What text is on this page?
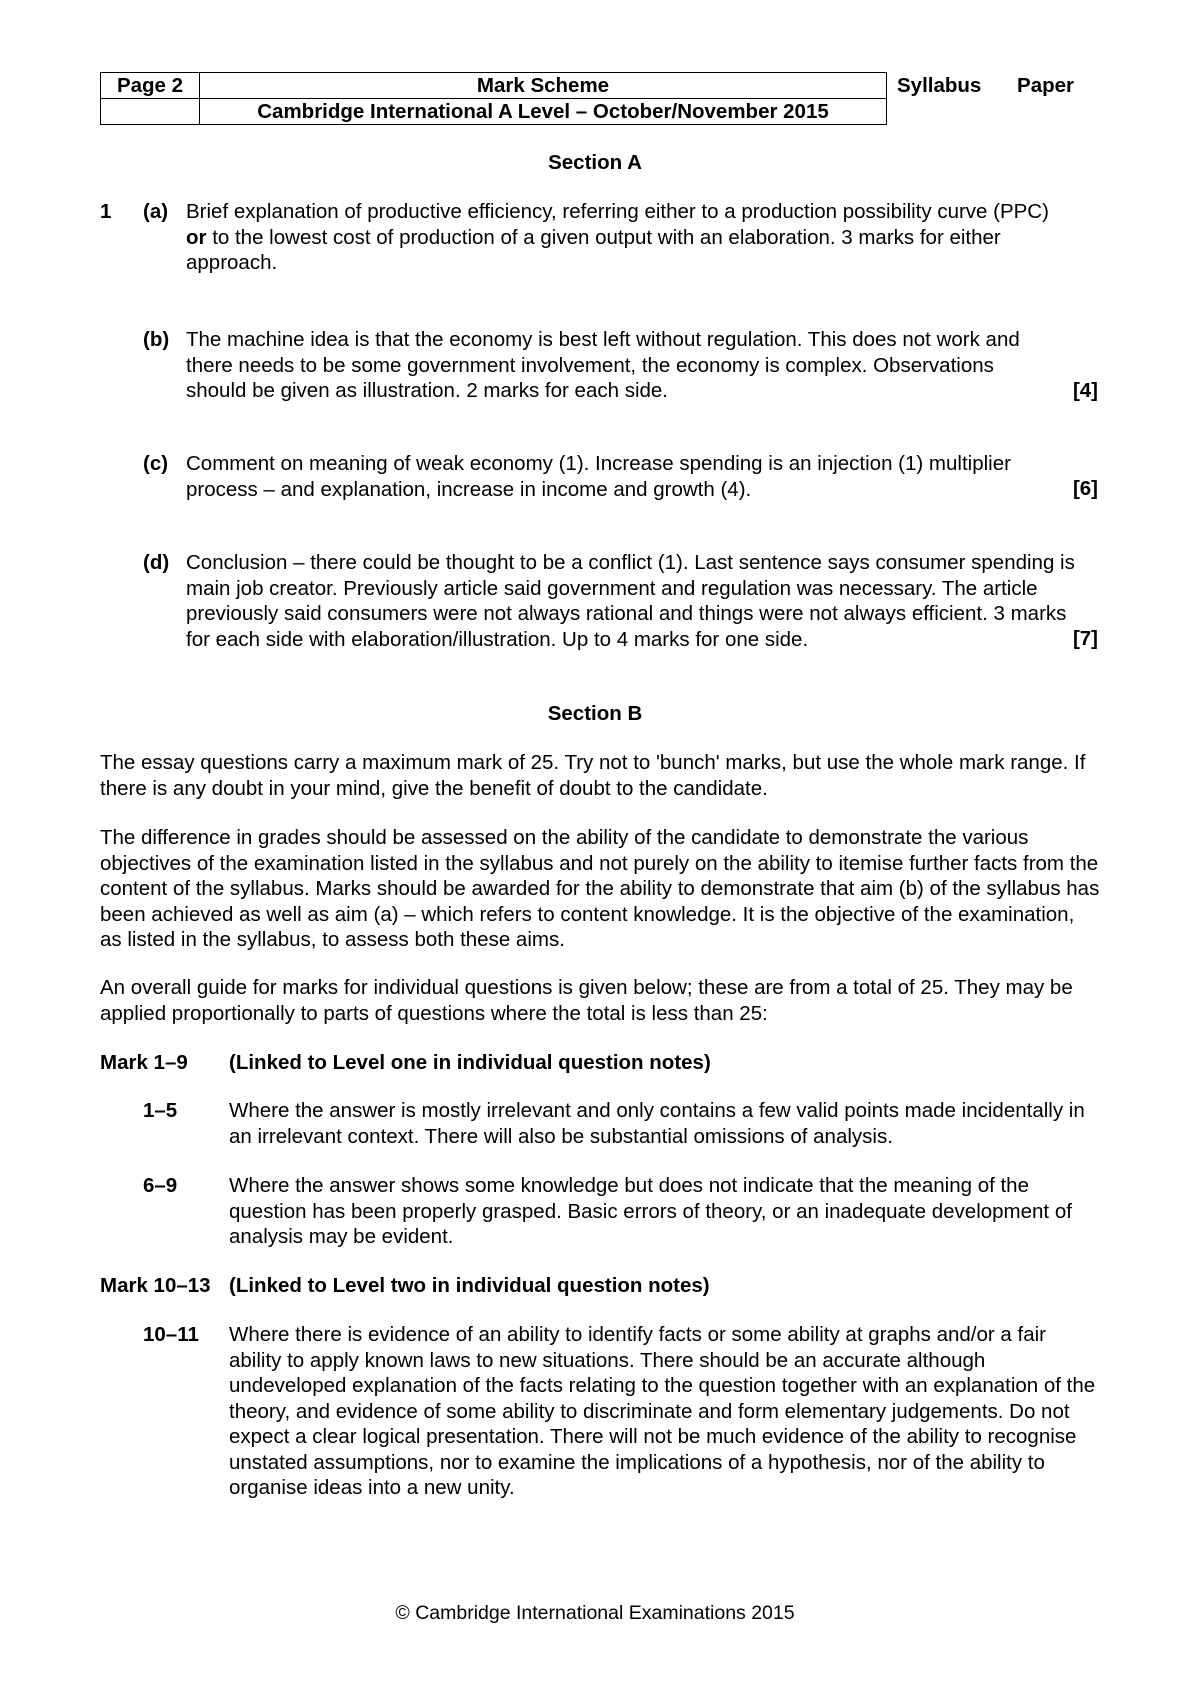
Page 2	Mark Scheme	Syllabus Paper
	Cambridge International A Level – October/November 2015	
Section A
1 (a) Brief explanation of productive efficiency, referring either to a production possibility curve (PPC)
or to the lowest cost of production of a given output with an elaboration. 3 marks for either approach.
(b) The machine idea is that the economy is best left without regulation. This does not work and there needs to be some government involvement, the economy is complex. Observations should be given as illustration. 2 marks for each side.	[4]
(c) Comment on meaning of weak economy (1). Increase spending is an injection (1) multiplier process – and explanation, increase in income and growth (4).	[6]
(d) Conclusion – there could be thought to be a conflict (1). Last sentence says consumer spending is main job creator. Previously article said government and regulation was necessary. The article previously said consumers were not always rational and things were not always efficient. 3 marks for each side with elaboration/illustration. Up to 4 marks for one side.	[7]
Section B
The essay questions carry a maximum mark of 25. Try not to 'bunch' marks, but use the whole mark range. If there is any doubt in your mind, give the benefit of doubt to the candidate.
The difference in grades should be assessed on the ability of the candidate to demonstrate the various objectives of the examination listed in the syllabus and not purely on the ability to itemise further facts from the content of the syllabus. Marks should be awarded for the ability to demonstrate that aim (b) of the syllabus has been achieved as well as aim (a) – which refers to content knowledge. It is the objective of the examination, as listed in the syllabus, to assess both these aims.
An overall guide for marks for individual questions is given below; these are from a total of 25. They may be applied proportionally to parts of questions where the total is less than 25:
Mark 1–9 (Linked to Level one in individual question notes)
1–5	Where the answer is mostly irrelevant and only contains a few valid points made incidentally in an irrelevant context. There will also be substantial omissions of analysis.
6–9	Where the answer shows some knowledge but does not indicate that the meaning of the question has been properly grasped. Basic errors of theory, or an inadequate development of analysis may be evident.
Mark 10–13 (Linked to Level two in individual question notes)
10–11 Where there is evidence of an ability to identify facts or some ability at graphs and/or a fair ability to apply known laws to new situations. There should be an accurate although undeveloped explanation of the facts relating to the question together with an explanation of the theory, and evidence of some ability to discriminate and form elementary judgements. Do not expect a clear logical presentation. There will not be much evidence of the ability to recognise unstated assumptions, nor to examine the implications of a hypothesis, nor of the ability to organise ideas into a new unity.
© Cambridge International Examinations 2015
